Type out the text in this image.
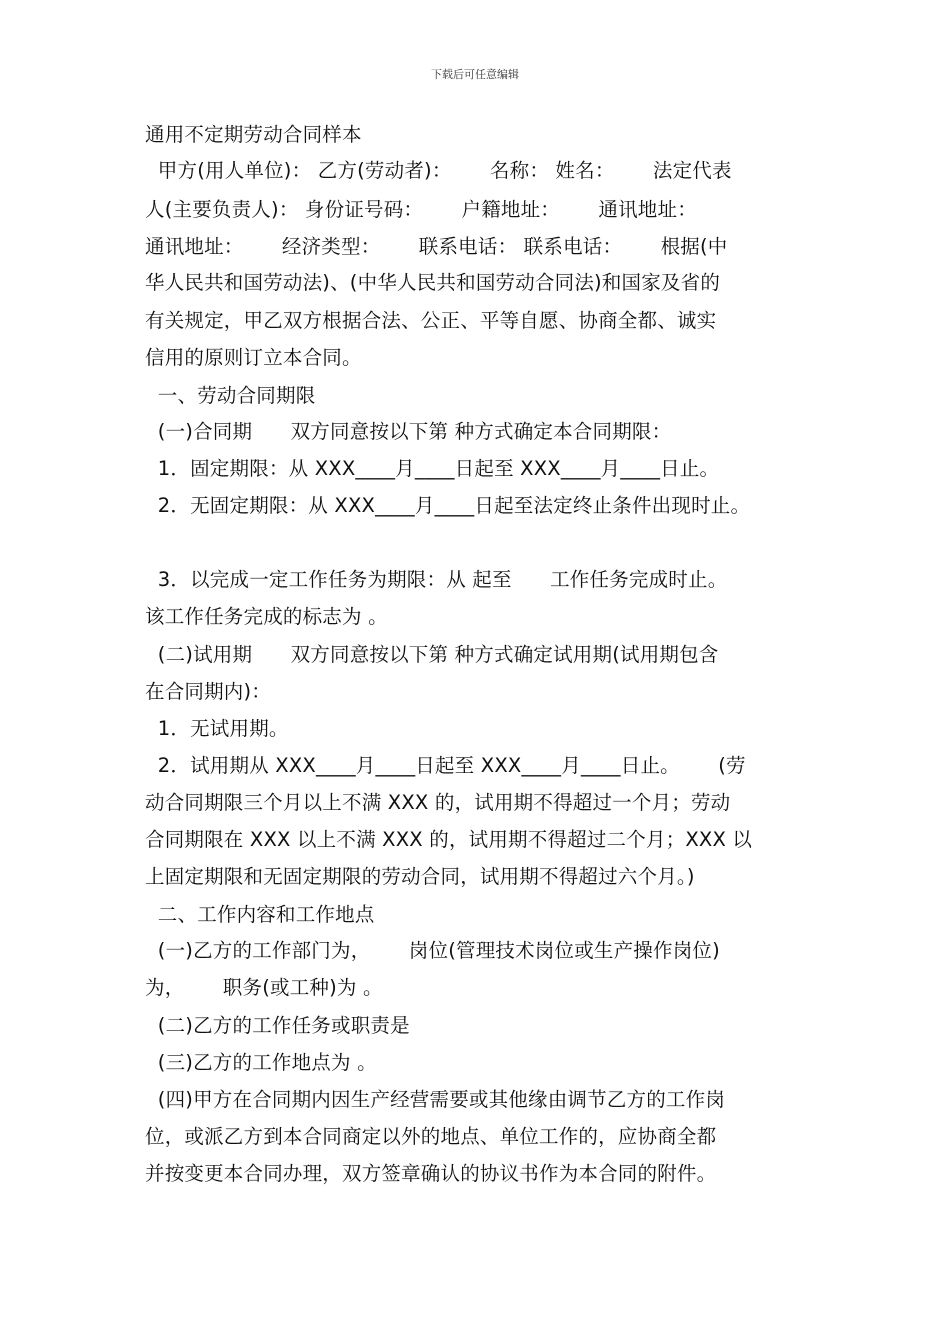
下载后可任意编辑
通用不定期劳动合同样本
甲方(用人单位)： 乙方(劳动者)：      名称： 姓名：      法定代表
人(主要负责人)： 身份证号码：      户籍地址：      通讯地址：
通讯地址：      经济类型：      联系电话： 联系电话：      根据(中
华人民共和国劳动法)、(中华人民共和国劳动合同法)和国家及省的
有关规定，甲乙双方根据合法、公正、平等自愿、协商全都、诚实
信用的原则订立本合同。
一、劳动合同期限
(一)合同期      双方同意按以下第 种方式确定本合同期限：
1．固定期限：从 XXX____月____日起至 XXX____月____日止。
2．无固定期限：从 XXX____月____日起至法定终止条件出现时止。
3．以完成一定工作任务为期限：从 起至      工作任务完成时止。
该工作任务完成的标志为 。
(二)试用期      双方同意按以下第 种方式确定试用期(试用期包含
在合同期内)：
1．无试用期。
2．试用期从 XXX____月____日起至 XXX____月____日止。      (劳
动合同期限三个月以上不满 XXX 的，试用期不得超过一个月；劳动
合同期限在 XXX 以上不满 XXX 的，试用期不得超过二个月；XXX 以
上固定期限和无固定期限的劳动合同，试用期不得超过六个月。)
二、工作内容和工作地点
(一)乙方的工作部门为，      岗位(管理技术岗位或生产操作岗位)
为，      职务(或工种)为 。
(二)乙方的工作任务或职责是
(三)乙方的工作地点为 。
(四)甲方在合同期内因生产经营需要或其他缘由调节乙方的工作岗
位，或派乙方到本合同商定以外的地点、单位工作的，应协商全都
并按变更本合同办理，双方签章确认的协议书作为本合同的附件。
